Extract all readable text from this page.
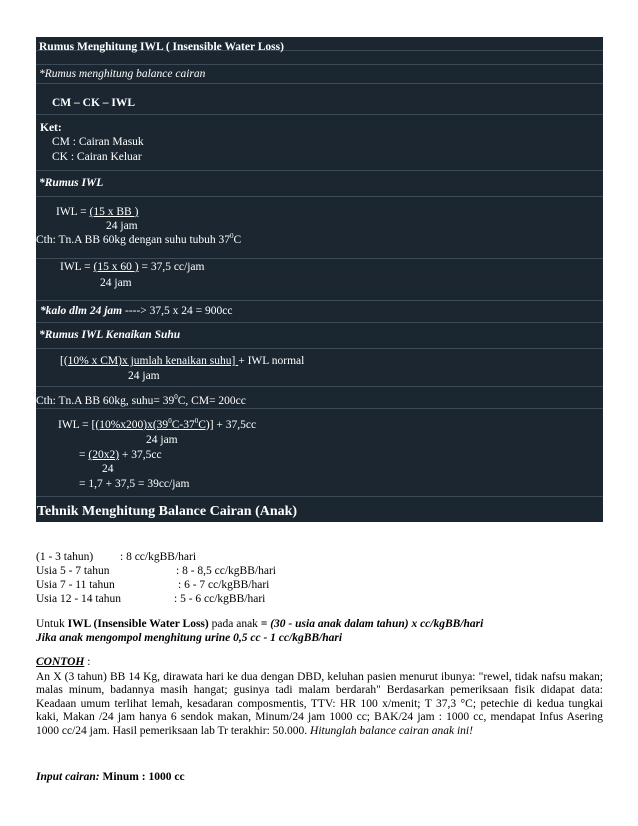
Rumus Menghitung IWL ( Insensible Water Loss)
*Rumus menghitung balance cairan
CM – CK – IWL
Ket:
CM : Cairan Masuk
CK : Cairan Keluar
*Rumus IWL
IWL = (15 x BB )
24 jam
Cth: Tn.A BB 60kg dengan suhu tubuh $37^0C$
IWL = (15 x 60 ) = 37,5 cc/jam
24 jam
*kalo dlm 24 jam ----> 37,5 x 24 = 900cc
*Rumus IWL Kenaikan Suhu
[(10% x CM)x jumlah kenaikan suhu] + IWL normal
24 jam
Cth: Tn.A BB 60kg, suhu= $39^0C$, CM= 200cc
IWL = $[(10\%x200)x(39^0C-37^0C)] + 37,5cc$
24 jam
= (20x2) + 37,5cc
24
= 1,7 + 37,5 = 39cc/jam
Tehnik Menghitung Balance Cairan (Anak)
(1 - 3 tahun) : 8 cc/kgBB/hari
Usia 5 - 7 tahun	: 8 - 8,5 cc/kgBB/hari
Usia 7 - 11 tahun	: 6 - 7 cc/kgBB/hari
Usia 12 - 14 tahun	: 5 - 6 cc/kgBB/hari
Untuk IWL (Insensible Water Loss) pada anak = (30 - usia anak dalam tahun) x cc/kgBB/hari
Jika anak mengompol menghitung urine 0,5 cc - 1 cc/kgBB/hari
CONTOH :
An X (3 tahun) BB 14 Kg, dirawata hari ke dua dengan DBD, keluhan pasien menurut ibunya: "rewel, tidak nafsu makan; malas minum, badannya masih hangat; gusinya tadi malam berdarah" Berdasarkan pemeriksaan fisik didapat data: Keadaan umum terlihat lemah, kesadaran composmentis, TTV: HR 100 x/menit; T 37,3 °C; petechie di kedua tungkai kaki, Makan /24 jam hanya 6 sendok makan, Minum/24 jam 1000 cc; BAK/24 jam : 1000 cc, mendapat Infus Asering 1000 cc/24 jam. Hasil pemeriksaan lab Tr terakhir: 50.000. Hitunglah balance cairan anak ini!
Input cairan: Minum : 1000 cc
